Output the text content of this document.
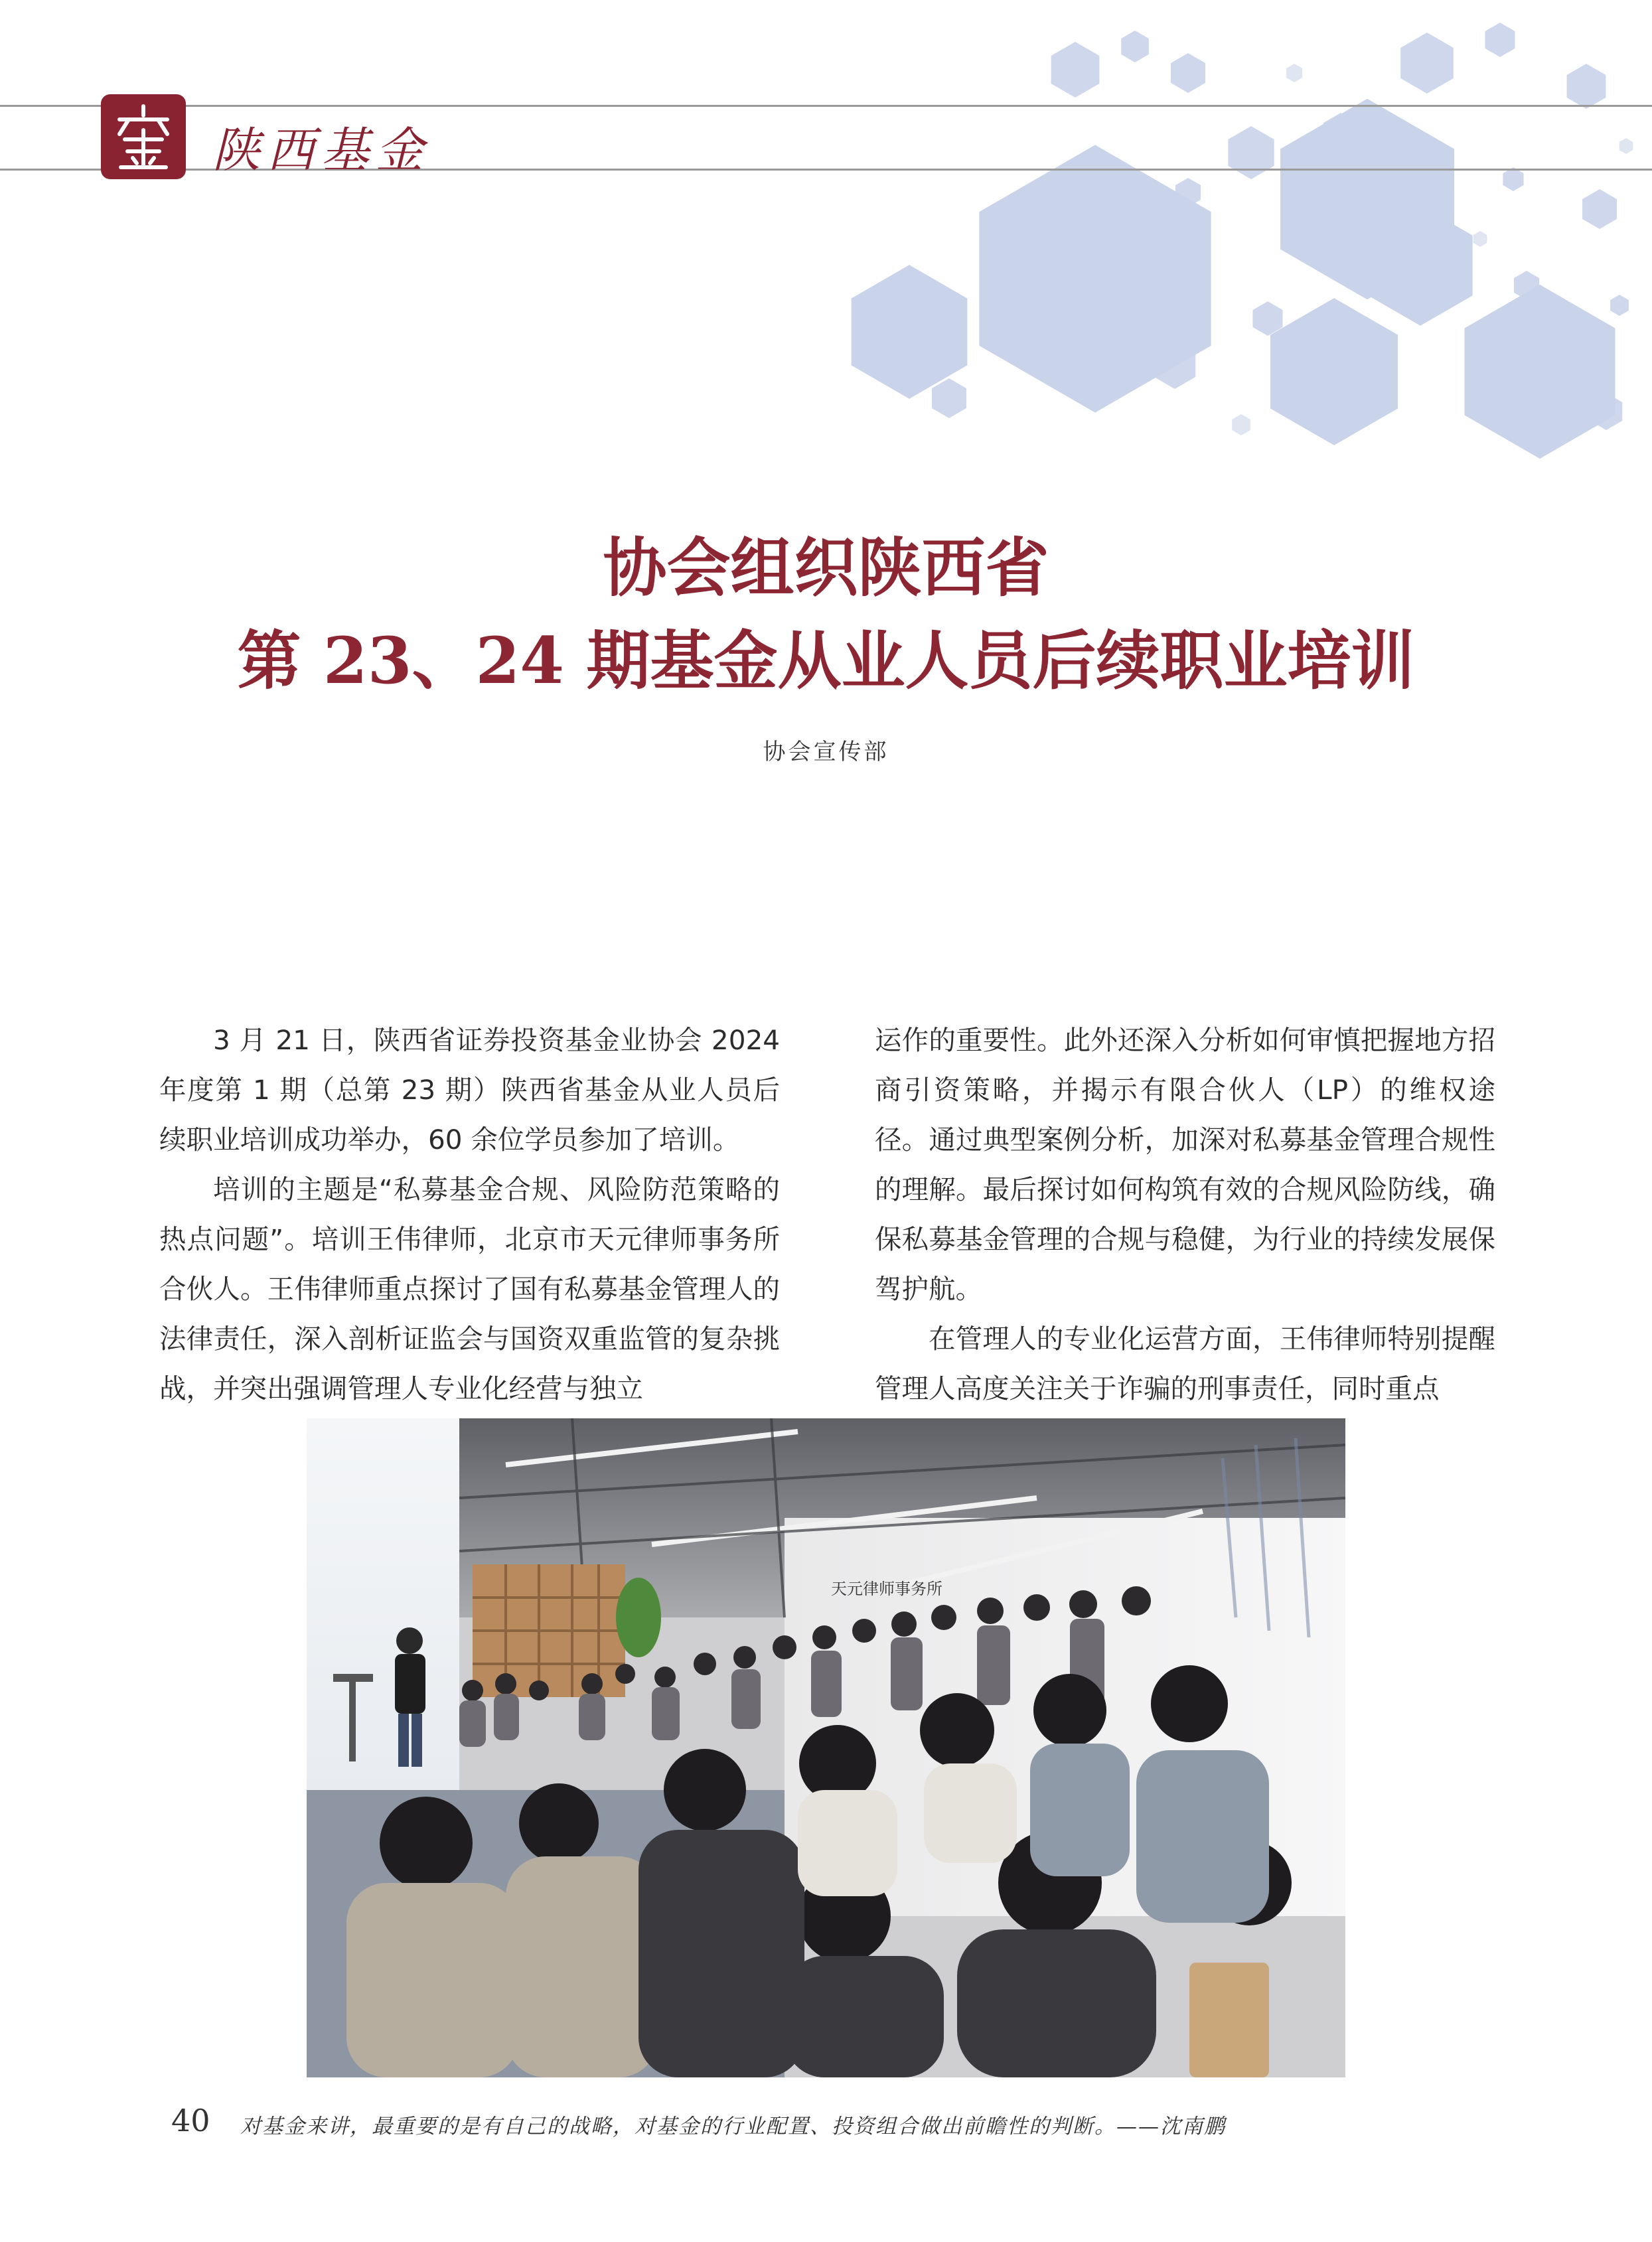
陕西基金
协会组织陕西省
第 23、24 期基金从业人员后续职业培训
协会宣传部

3 月 21 日，陕西省证券投资基金业协会 2024 年度第 1 期（总第 23 期）陕西省基金从业人员后续职业培训成功举办，60 余位学员参加了培训。

培训的主题是“私募基金合规、风险防范策略的热点问题”。培训王伟律师，北京市天元律师事务所合伙人。王伟律师重点探讨了国有私募基金管理人的法律责任，深入剖析证监会与国资双重监管的复杂挑战，并突出强调管理人专业化经营与独立

运作的重要性。此外还深入分析如何审慎把握地方招商引资策略，并揭示有限合伙人（LP）的维权途径。通过典型案例分析，加深对私募基金管理合规性的理解。最后探讨如何构筑有效的合规风险防线，确保私募基金管理的合规与稳健，为行业的持续发展保驾护航。

在管理人的专业化运营方面，王伟律师特别提醒管理人高度关注关于诈骗的刑事责任，同时重点

天元律师事务所
40 对基金来讲，最重要的是有自己的战略，对基金的行业配置、投资组合做出前瞻性的判断。——沈南鹏
